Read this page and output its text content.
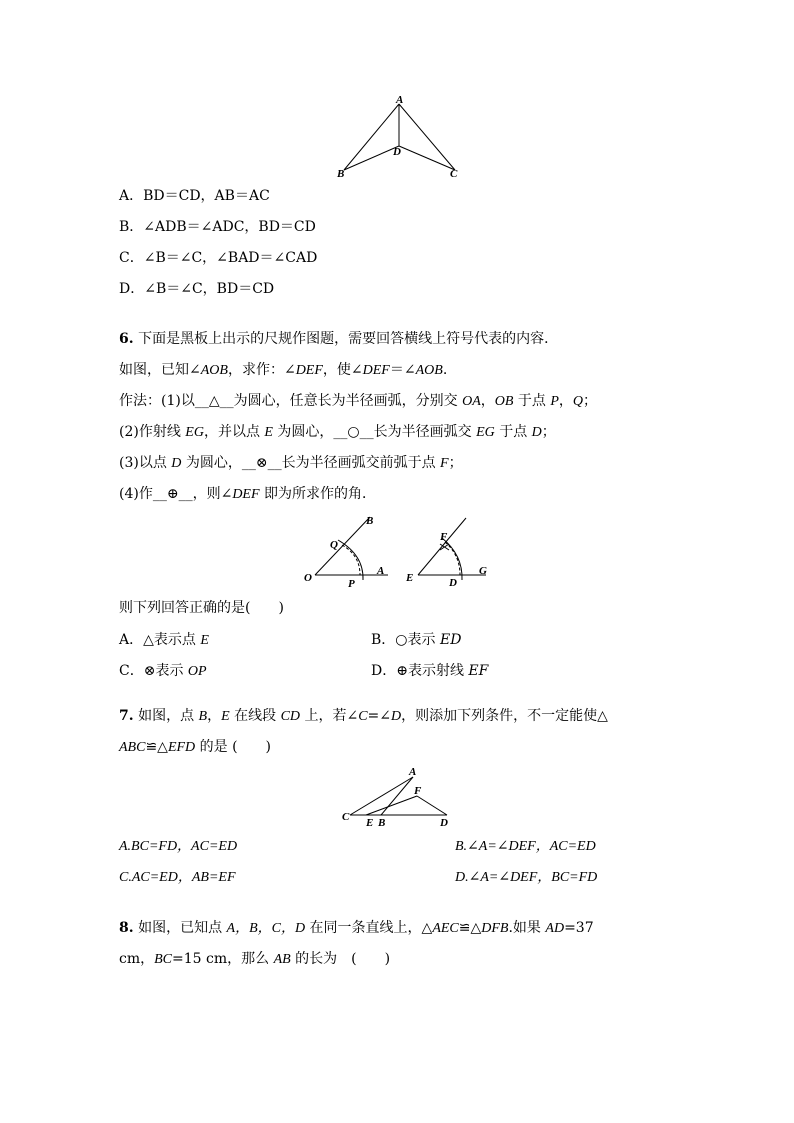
A
B	C
D
O	P
A
Q
B
E	D
G
F
A
F
C E B	D
A．BD＝CD，AB＝AC
B．∠ADB＝∠ADC，BD＝CD
C．∠B＝∠C，∠BAD＝∠CAD
D．∠B＝∠C，BD＝CD
6. 下面是黑板上出示的尺规作图题，需要回答横线上符号代表的内容．
如图，已知∠AOB，求作：∠DEF，使∠DEF＝∠AOB.
作法：(1)以__△__为圆心，任意长为半径画弧，分别交 OA，OB 于点 P，Q；
(2)作射线 EG，并以点 E 为圆心，__○__长为半径画弧交 EG 于点 D；
(3)以点 D 为圆心，__⊗__长为半径画弧交前弧于点 F；
(4)作__⊕__，则∠DEF 即为所求作的角．
则下列回答正确的是(　　)
A．△表示点 E	B．○表示 ED
C．⊗表示 OP	D．⊕表示射线 EF
7. 如图，点 B，E 在线段 CD 上，若∠C=∠D，则添加下列条件，不一定能使△
ABC≌△EFD 的是 (　　)
A.BC=FD，AC=ED	B.∠A=∠DEF，AC=ED
C.AC=ED，AB=EF	D.∠A=∠DEF，BC=FD
8. 如图，已知点 A，B，C，D 在同一条直线上，△AEC≌△DFB.如果 AD=37
cm，BC=15 cm，那么 AB 的长为　(　　)
